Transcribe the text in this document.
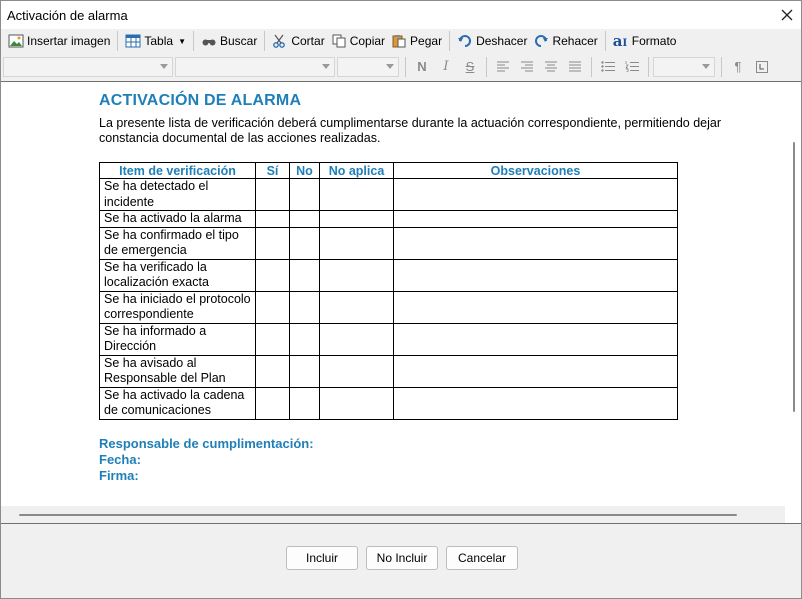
Activación de alarma
Insertar imagen	Tabla ▼	Buscar	Cortar Copiar Pegar	Deshacer Rehacer aI Formato
N	I	S	¶
ACTIVACIÓN DE ALARMA

La presente lista de verificación deberá cumplimentarse durante la actuación correspondiente, permitiendo dejar constancia documental de las acciones realizadas.

Item de verificación	Sí	No	No aplica	Observaciones
Se ha detectado el incidente				
Se ha activado la alarma				
Se ha confirmado el tipo de emergencia				
Se ha verificado la localización exacta				
Se ha iniciado el protocolo correspondiente				
Se ha informado a Dirección				
Se ha avisado al Responsable del Plan				
Se ha activado la cadena de comunicaciones				
Responsable de cumplimentación:
Fecha:
Firma:
Incluir	No Incluir	Cancelar
